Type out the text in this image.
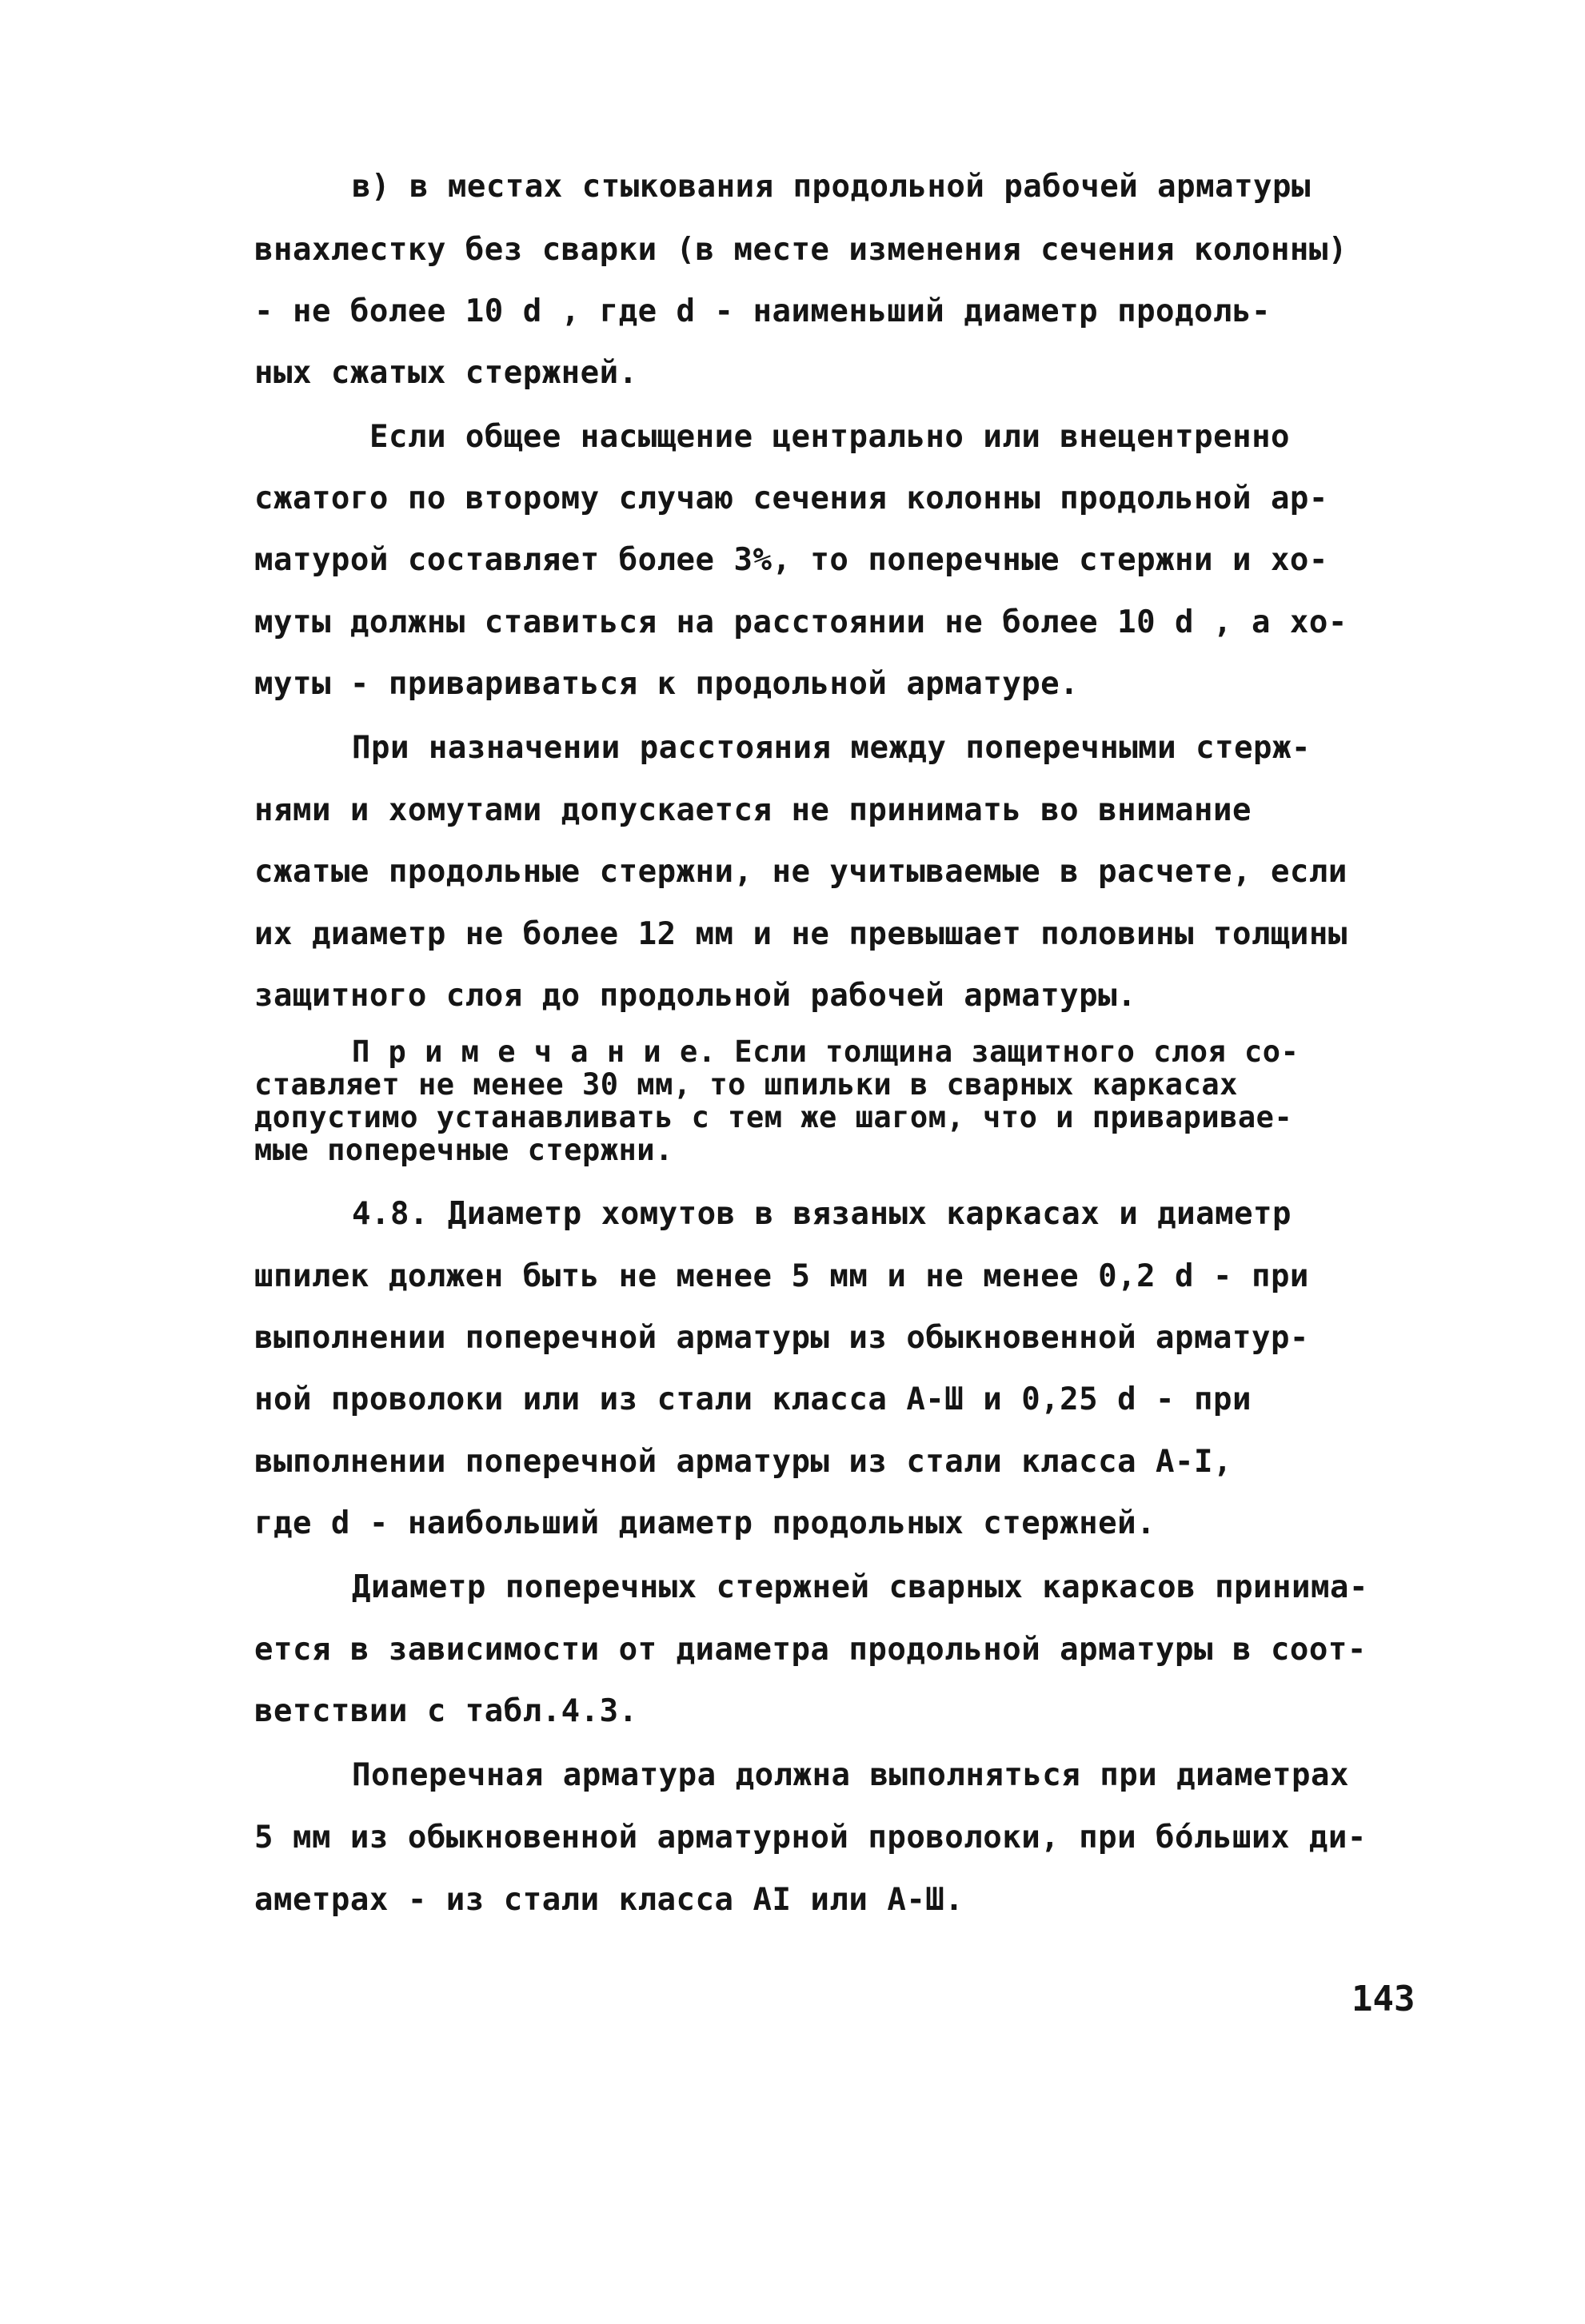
в) в местах стыкования продольной рабочей арматуры
внахлестку без сварки (в месте изменения сечения колонны)
- не более 10 d , где d - наименьший диаметр продоль-
ных сжатых стержней.
Если общее насыщение центрально или внецентренно
сжатого по второму случаю сечения колонны продольной ар-
матурой составляет более 3%, то поперечные стержни и хо-
муты должны ставиться на расстоянии не более 10 d , а хо-
муты - привариваться к продольной арматуре.
При назначении расстояния между поперечными стерж-
нями и хомутами допускается не принимать во внимание
сжатые продольные стержни, не учитываемые в расчете, если
их диаметр не более 12 мм и не превышает половины толщины
защитного слоя до продольной рабочей арматуры.
П р и м е ч а н и е. Если толщина защитного слоя со-
ставляет не менее 30 мм, то шпильки в сварных каркасах
допустимо устанавливать с тем же шагом, что и привариваe-
мые поперечные стержни.
4.8. Диаметр хомутов в вязаных каркасах и диаметр
шпилек должен быть не менее 5 мм и не менее 0,2 d - при
выполнении поперечной арматуры из обыкновенной арматур-
ной проволоки или из стали класса А-Ш и 0,25 d - при
выполнении поперечной арматуры из стали класса А-I,
где d - наибольший диаметр продольных стержней.
Диаметр поперечных стержней сварных каркасов принима-
ется в зависимости от диаметра продольной арматуры в соот-
ветствии с табл.4.3.
Поперечная арматура должна выполняться при диаметрах
5 мм из обыкновенной арматурной проволоки, при бо́льших ди-
аметрах - из стали класса АI или А-Ш.
143
